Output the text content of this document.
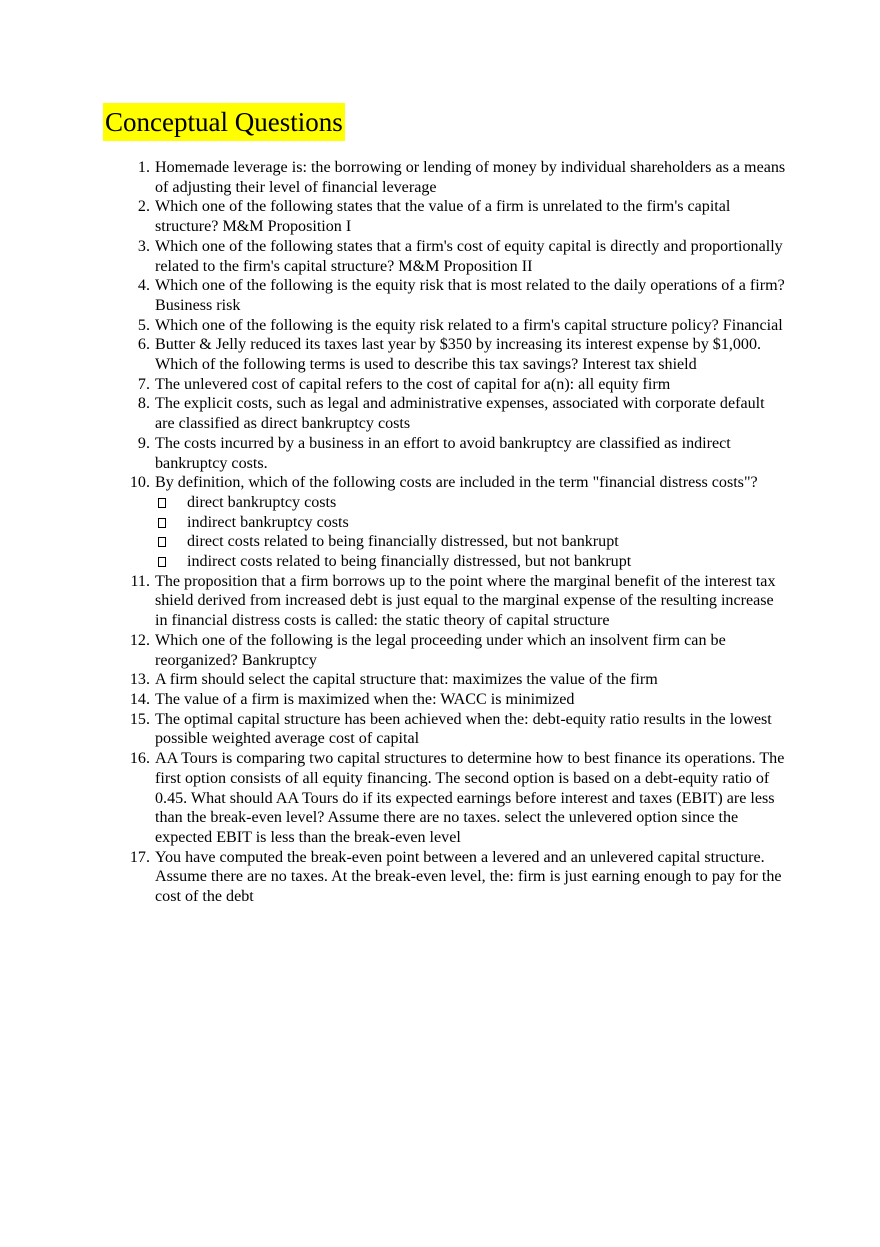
Conceptual Questions
1. Homemade leverage is: the borrowing or lending of money by individual shareholders as a means of adjusting their level of financial leverage
2. Which one of the following states that the value of a firm is unrelated to the firm's capital structure? M&M Proposition I
3. Which one of the following states that a firm's cost of equity capital is directly and proportionally related to the firm's capital structure? M&M Proposition II
4. Which one of the following is the equity risk that is most related to the daily operations of a firm? Business risk
5. Which one of the following is the equity risk related to a firm's capital structure policy? Financial
6. Butter & Jelly reduced its taxes last year by $350 by increasing its interest expense by $1,000. Which of the following terms is used to describe this tax savings? Interest tax shield
7. The unlevered cost of capital refers to the cost of capital for a(n): all equity firm
8. The explicit costs, such as legal and administrative expenses, associated with corporate default are classified as direct bankruptcy costs
9. The costs incurred by a business in an effort to avoid bankruptcy are classified as indirect bankruptcy costs.
10. By definition, which of the following costs are included in the term "financial distress costs"?
direct bankruptcy costs
indirect bankruptcy costs
direct costs related to being financially distressed, but not bankrupt
indirect costs related to being financially distressed, but not bankrupt
11. The proposition that a firm borrows up to the point where the marginal benefit of the interest tax shield derived from increased debt is just equal to the marginal expense of the resulting increase in financial distress costs is called: the static theory of capital structure
12. Which one of the following is the legal proceeding under which an insolvent firm can be reorganized? Bankruptcy
13. A firm should select the capital structure that: maximizes the value of the firm
14. The value of a firm is maximized when the: WACC is minimized
15. The optimal capital structure has been achieved when the: debt-equity ratio results in the lowest possible weighted average cost of capital
16. AA Tours is comparing two capital structures to determine how to best finance its operations. The first option consists of all equity financing. The second option is based on a debt-equity ratio of 0.45. What should AA Tours do if its expected earnings before interest and taxes (EBIT) are less than the break-even level? Assume there are no taxes. select the unlevered option since the expected EBIT is less than the break-even level
17. You have computed the break-even point between a levered and an unlevered capital structure. Assume there are no taxes. At the break-even level, the: firm is just earning enough to pay for the cost of the debt
